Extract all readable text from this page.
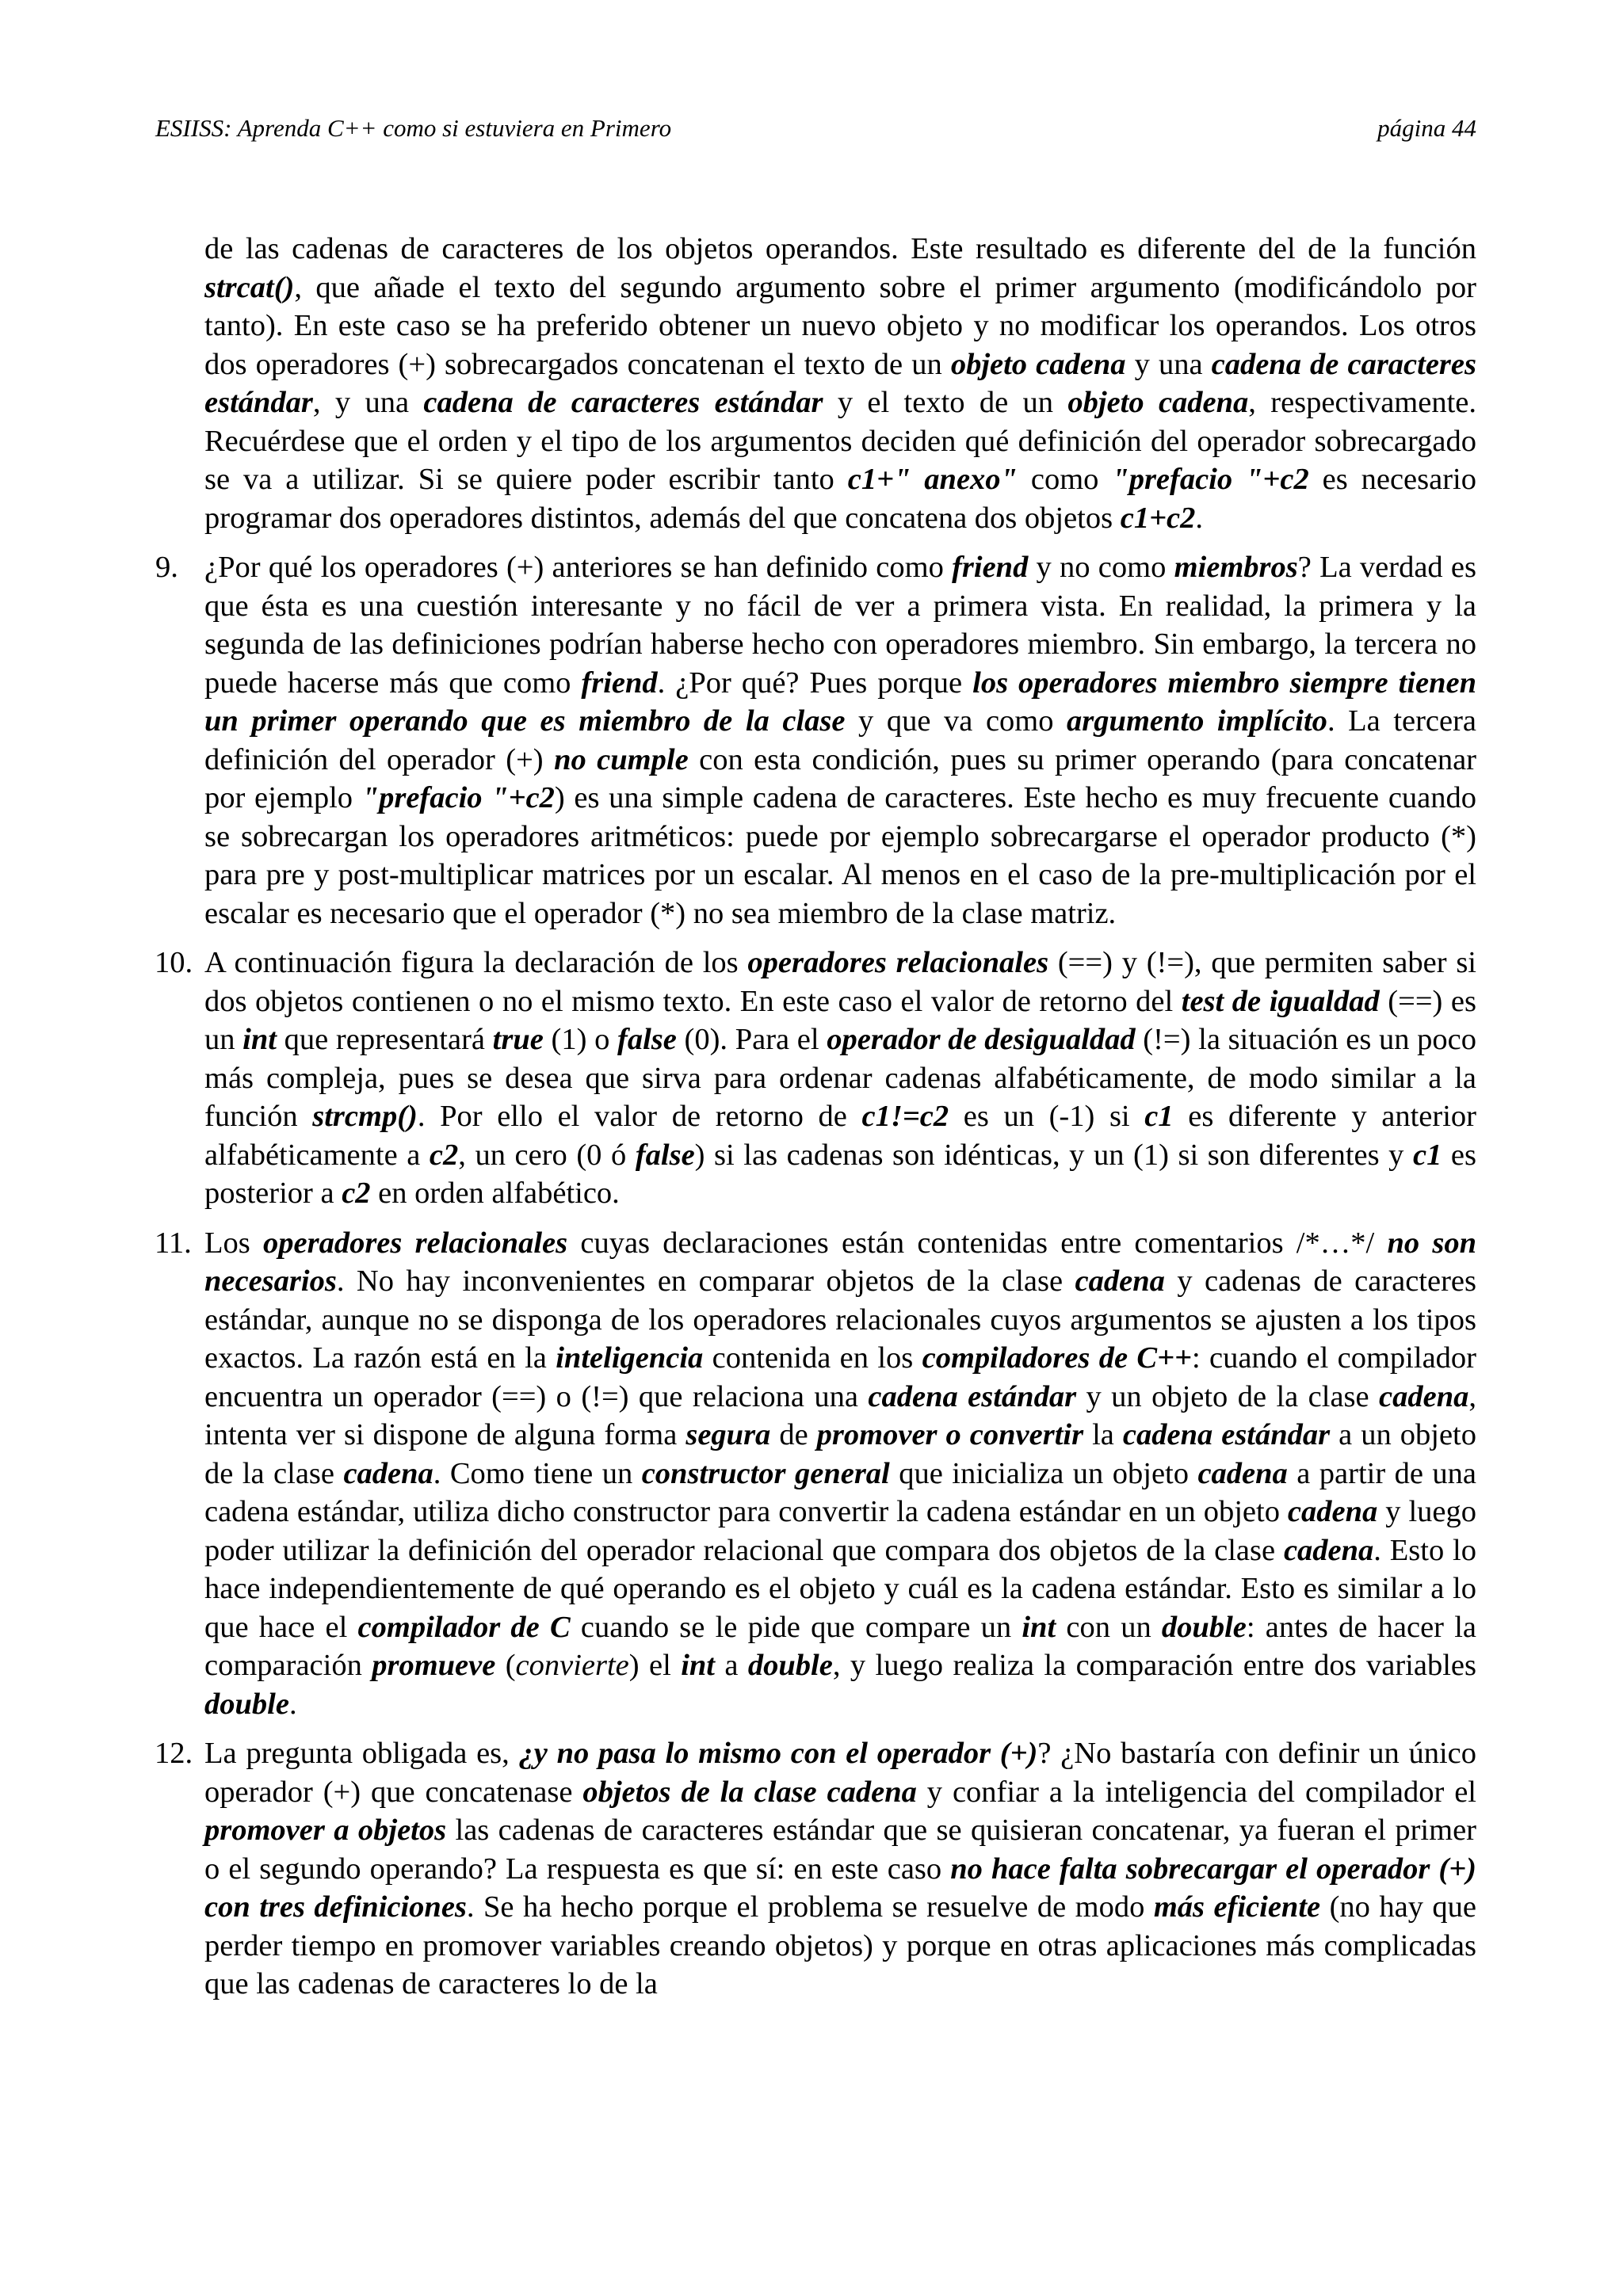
ESIISS: Aprenda C++ como si estuviera en Primero	página 44

de las cadenas de caracteres de los objetos operandos. Este resultado es diferente del de la función strcat(), que añade el texto del segundo argumento sobre el primer argumento (modificándolo por tanto). En este caso se ha preferido obtener un nuevo objeto y no modificar los operandos. Los otros dos operadores (+) sobrecargados concatenan el texto de un objeto cadena y una cadena de caracteres estándar, y una cadena de caracteres estándar y el texto de un objeto cadena, respectivamente. Recuérdese que el orden y el tipo de los argumentos deciden qué definición del operador sobrecargado se va a utilizar. Si se quiere poder escribir tanto c1+" anexo" como "prefacio "+c2 es necesario programar dos operadores distintos, además del que concatena dos objetos c1+c2.

9. ¿Por qué los operadores (+) anteriores se han definido como friend y no como miembros? La verdad es que ésta es una cuestión interesante y no fácil de ver a primera vista. En realidad, la primera y la segunda de las definiciones podrían haberse hecho con operadores miembro. Sin embargo, la tercera no puede hacerse más que como friend. ¿Por qué? Pues porque los operadores miembro siempre tienen un primer operando que es miembro de la clase y que va como argumento implícito. La tercera definición del operador (+) no cumple con esta condición, pues su primer operando (para concatenar por ejemplo "prefacio "+c2) es una simple cadena de caracteres. Este hecho es muy frecuente cuando se sobrecargan los operadores aritméticos: puede por ejemplo sobrecargarse el operador producto (*) para pre y post-multiplicar matrices por un escalar. Al menos en el caso de la pre-multiplicación por el escalar es necesario que el operador (*) no sea miembro de la clase matriz.

10. A continuación figura la declaración de los operadores relacionales (==) y (!=), que permiten saber si dos objetos contienen o no el mismo texto. En este caso el valor de retorno del test de igualdad (==) es un int que representará true (1) o false (0). Para el operador de desigualdad (!=) la situación es un poco más compleja, pues se desea que sirva para ordenar cadenas alfabéticamente, de modo similar a la función strcmp(). Por ello el valor de retorno de c1!=c2 es un (-1) si c1 es diferente y anterior alfabéticamente a c2, un cero (0 ó false) si las cadenas son idénticas, y un (1) si son diferentes y c1 es posterior a c2 en orden alfabético.

11. Los operadores relacionales cuyas declaraciones están contenidas entre comentarios /*…*/ no son necesarios. No hay inconvenientes en comparar objetos de la clase cadena y cadenas de caracteres estándar, aunque no se disponga de los operadores relacionales cuyos argumentos se ajusten a los tipos exactos. La razón está en la inteligencia contenida en los compiladores de C++: cuando el compilador encuentra un operador (==) o (!=) que relaciona una cadena estándar y un objeto de la clase cadena, intenta ver si dispone de alguna forma segura de promover o convertir la cadena estándar a un objeto de la clase cadena. Como tiene un constructor general que inicializa un objeto cadena a partir de una cadena estándar, utiliza dicho constructor para convertir la cadena estándar en un objeto cadena y luego poder utilizar la definición del operador relacional que compara dos objetos de la clase cadena. Esto lo hace independientemente de qué operando es el objeto y cuál es la cadena estándar. Esto es similar a lo que hace el compilador de C cuando se le pide que compare un int con un double: antes de hacer la comparación promueve (convierte) el int a double, y luego realiza la comparación entre dos variables double.

12. La pregunta obligada es, ¿y no pasa lo mismo con el operador (+)? ¿No bastaría con definir un único operador (+) que concatenase objetos de la clase cadena y confiar a la inteligencia del compilador el promover a objetos las cadenas de caracteres estándar que se quisieran concatenar, ya fueran el primer o el segundo operando? La respuesta es que sí: en este caso no hace falta sobrecargar el operador (+) con tres definiciones. Se ha hecho porque el problema se resuelve de modo más eficiente (no hay que perder tiempo en promover variables creando objetos) y porque en otras aplicaciones más complicadas que las cadenas de caracteres lo de la
